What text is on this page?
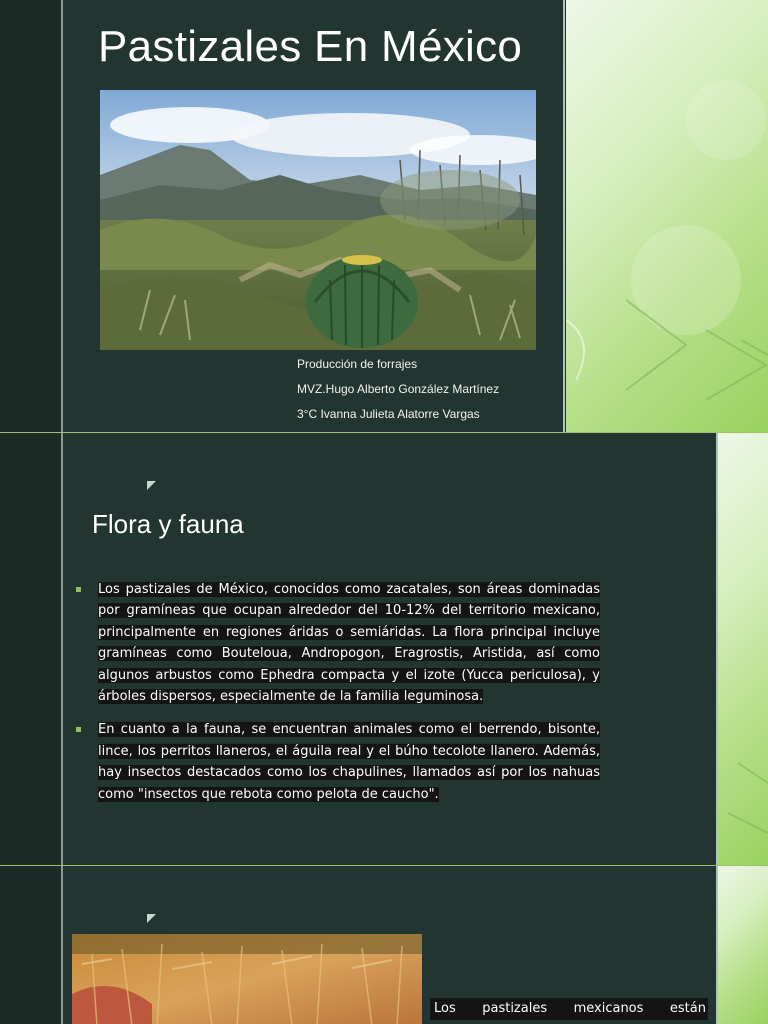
Pastizales En México
Producción de forrajes
MVZ.Hugo Alberto González Martínez
3°C Ivanna Julieta Alatorre Vargas
Flora y fauna
Los pastizales de México, conocidos como zacatales, son áreas dominadas por gramíneas que ocupan alrededor del 10-12% del territorio mexicano, principalmente en regiones áridas o semiáridas. La flora principal incluye gramíneas como Bouteloua, Andropogon, Eragrostis, Aristida, así como algunos arbustos como Ephedra compacta y el izote (Yucca periculosa), y árboles dispersos, especialmente de la familia leguminosa.
En cuanto a la fauna, se encuentran animales como el berrendo, bisonte, lince, los perritos llaneros, el águila real y el búho tecolote llanero. Además, hay insectos destacados como los chapulines, llamados así por los nahuas como "insectos que rebota como pelota de caucho".
Los pastizales mexicanos están
